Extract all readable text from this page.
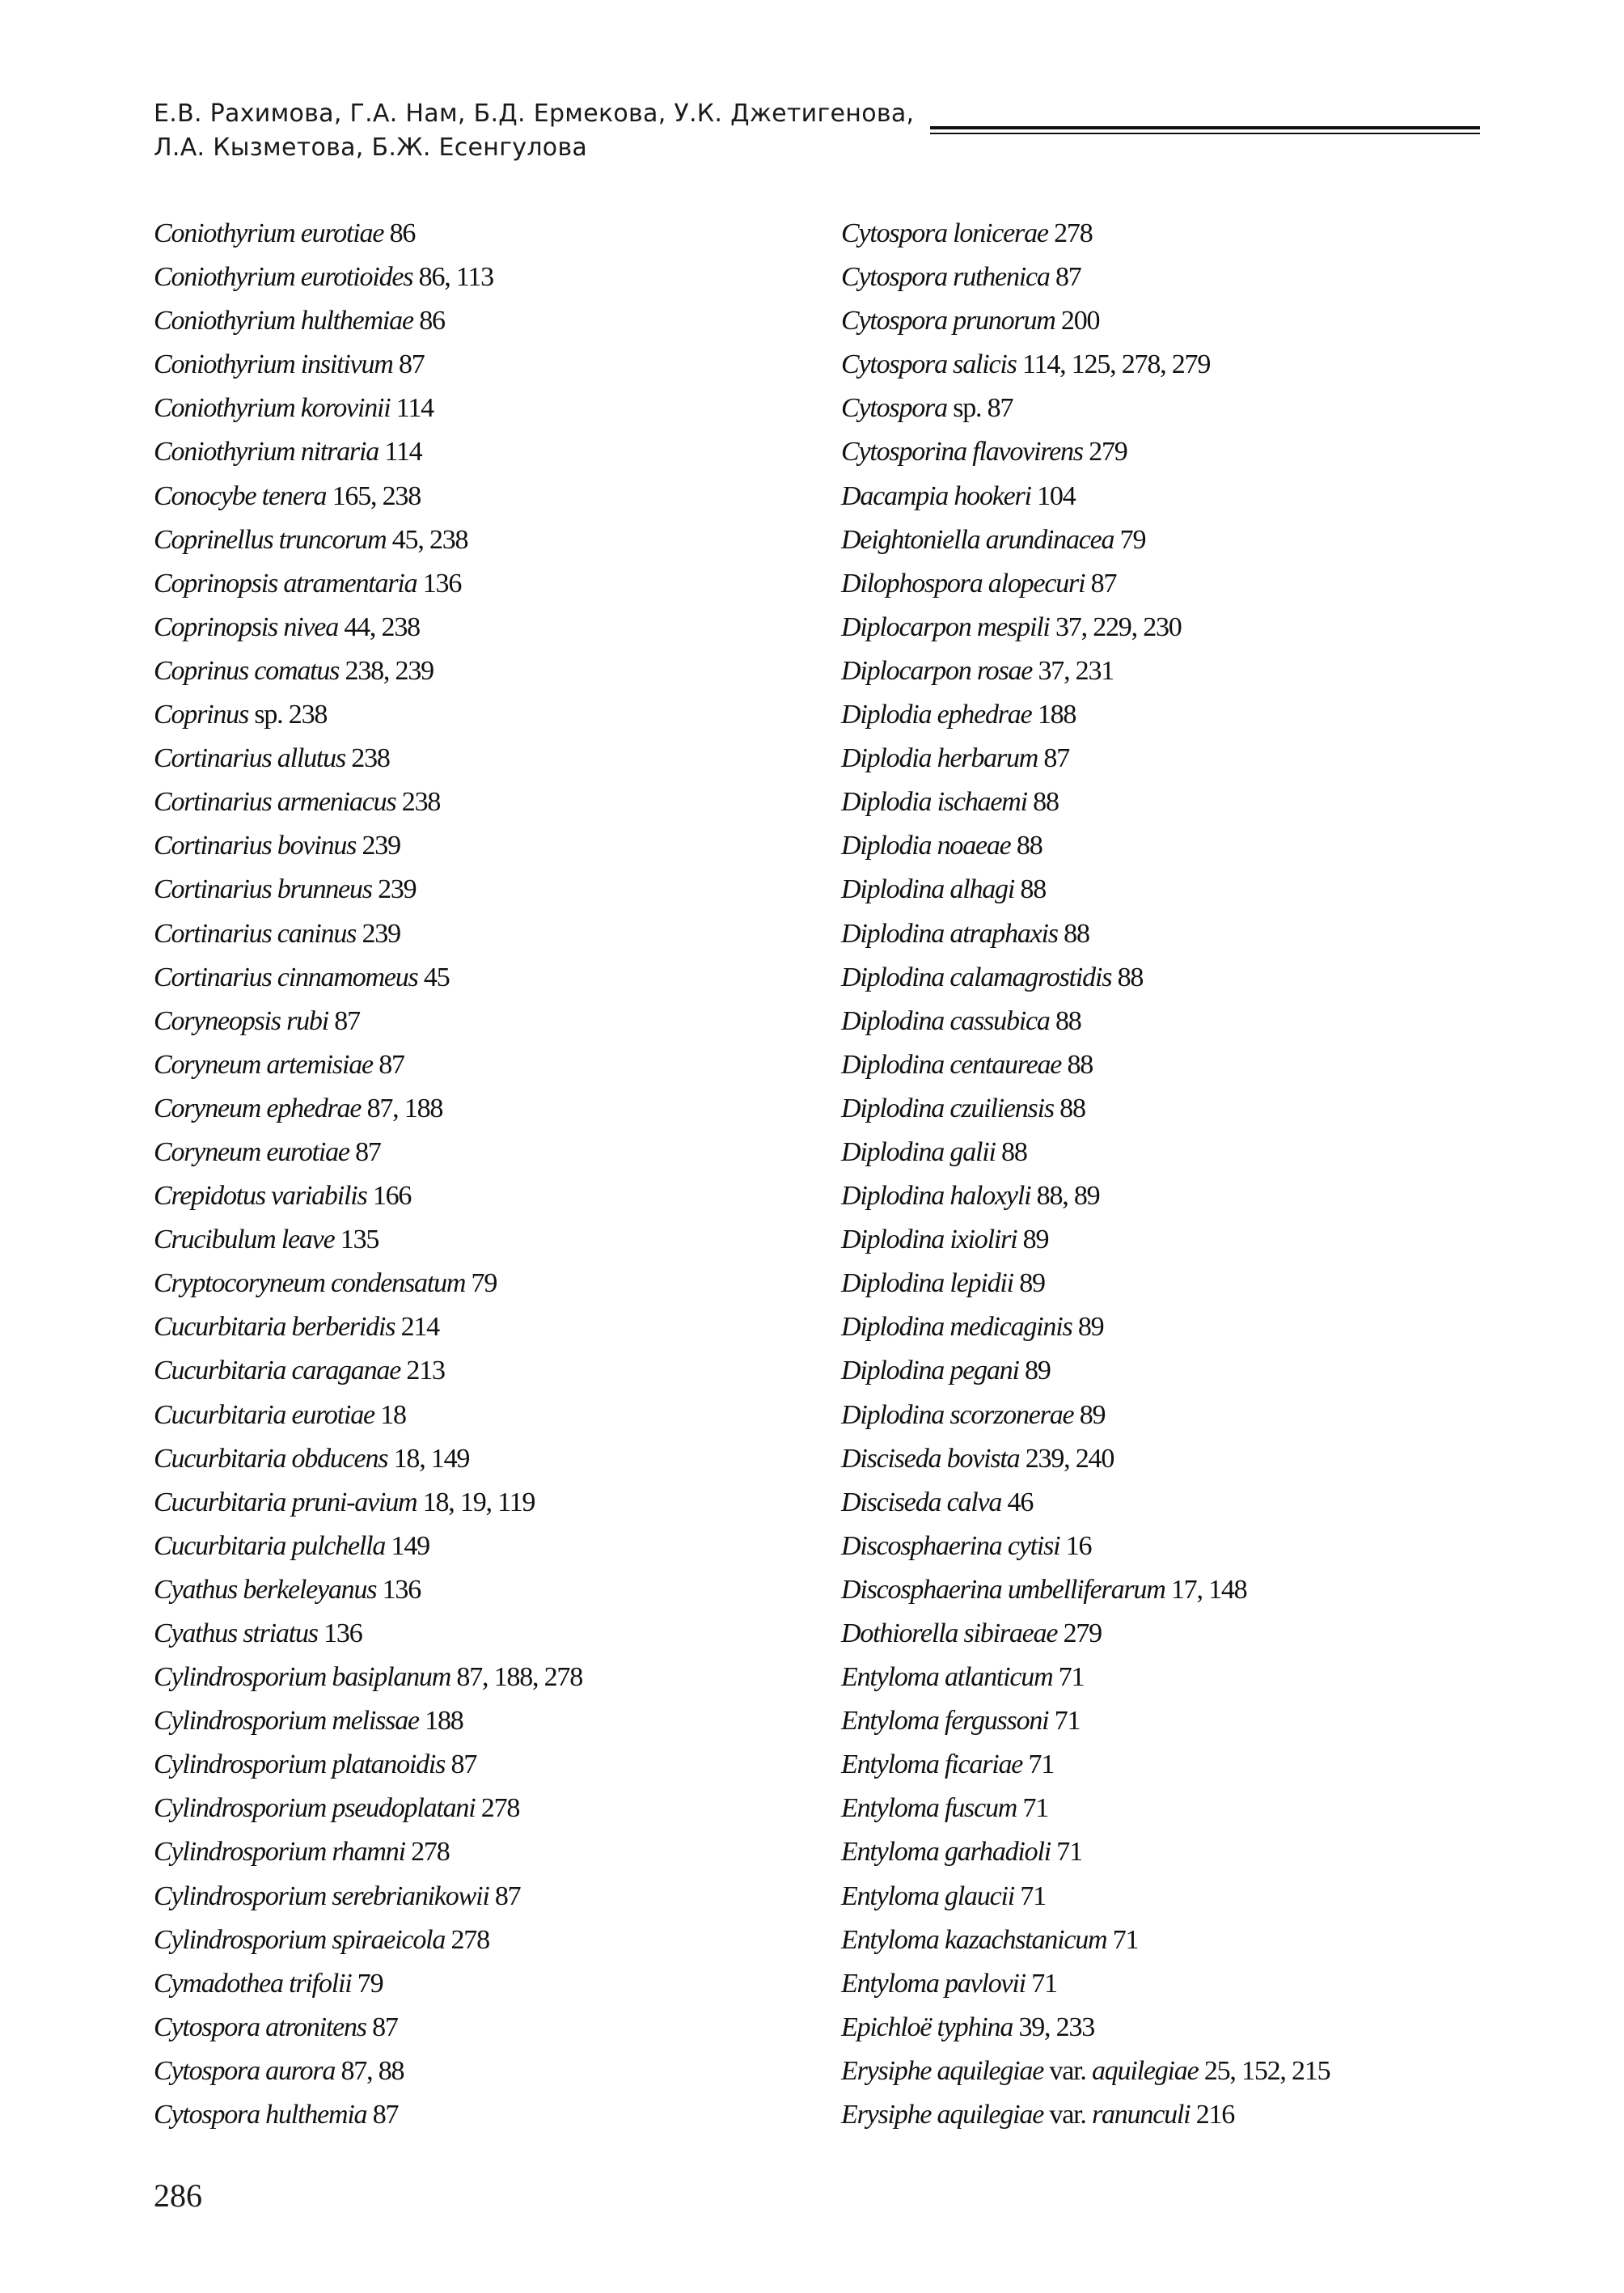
Е.В. Рахимова, Г.А. Нам, Б.Д. Ермекова, У.К. Джетигенова,
Л.А. Кызметова, Б.Ж. Есенгулова
Coniothyrium eurotiae 86
Coniothyrium eurotioides 86, 113
Coniothyrium hulthemiae 86
Coniothyrium insitivum 87
Coniothyrium korovinii 114
Coniothyrium nitraria 114
Conocybe tenera 165, 238
Coprinellus truncorum 45, 238
Coprinopsis atramentaria 136
Coprinopsis nivea 44, 238
Coprinus comatus 238, 239
Coprinus sp. 238
Cortinarius allutus 238
Cortinarius armeniacus 238
Cortinarius bovinus 239
Cortinarius brunneus 239
Cortinarius caninus 239
Cortinarius cinnamomeus 45
Coryneopsis rubi 87
Coryneum artemisiae 87
Coryneum ephedrae 87, 188
Coryneum eurotiae 87
Crepidotus variabilis 166
Crucibulum leave 135
Cryptocoryneum condensatum 79
Cucurbitaria berberidis 214
Cucurbitaria caraganae 213
Cucurbitaria eurotiae 18
Cucurbitaria obducens 18, 149
Cucurbitaria pruni-avium 18, 19, 119
Cucurbitaria pulchella 149
Cyathus berkeleyanus 136
Cyathus striatus 136
Cylindrosporium basiplanum 87, 188, 278
Cylindrosporium melissae 188
Cylindrosporium platanoidis 87
Cylindrosporium pseudoplatani 278
Cylindrosporium rhamni 278
Cylindrosporium serebrianikowii 87
Cylindrosporium spiraeicola 278
Cymadothea trifolii 79
Cytospora atronitens 87
Cytospora aurora 87, 88
Cytospora hulthemia 87
Cytospora lonicerae 278
Cytospora ruthenica 87
Cytospora prunorum 200
Cytospora salicis 114, 125, 278, 279
Cytospora sp. 87
Cytosporina flavovirens 279
Dacampia hookeri 104
Deightoniella arundinacea 79
Dilophospora alopecuri 87
Diplocarpon mespili 37, 229, 230
Diplocarpon rosae 37, 231
Diplodia ephedrae 188
Diplodia herbarum 87
Diplodia ischaemi 88
Diplodia noaeae 88
Diplodina alhagi 88
Diplodina atraphaxis 88
Diplodina calamagrostidis 88
Diplodina cassubica 88
Diplodina centaureae 88
Diplodina czuiliensis 88
Diplodina galii 88
Diplodina haloxyli 88, 89
Diplodina ixioliri 89
Diplodina lepidii 89
Diplodina medicaginis 89
Diplodina pegani 89
Diplodina scorzonerae 89
Disciseda bovista 239, 240
Disciseda calva 46
Discosphaerina cytisi 16
Discosphaerina umbelliferarum 17, 148
Dothiorella sibiraeae 279
Entyloma atlanticum 71
Entyloma fergussoni 71
Entyloma ficariae 71
Entyloma fuscum 71
Entyloma garhadioli 71
Entyloma glaucii 71
Entyloma kazachstanicum 71
Entyloma pavlovii 71
Epichloё typhina 39, 233
Erysiphe aquilegiae var. aquilegiae 25, 152, 215
Erysiphe aquilegiae var. ranunculi 216
286
